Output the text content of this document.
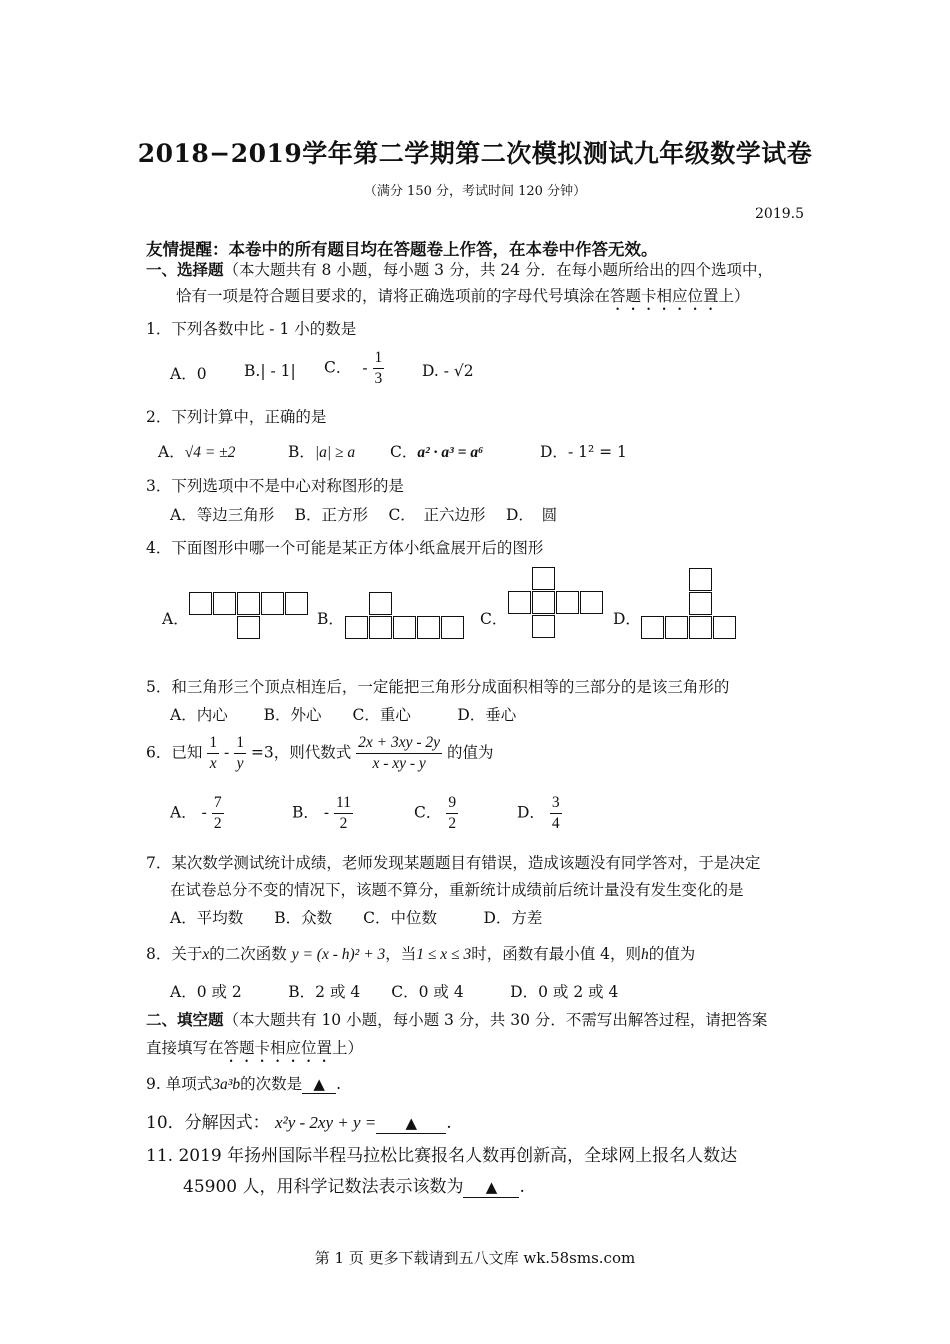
2018−2019学年第二学期第二次模拟测试九年级数学试卷
（满分 150 分，考试时间 120 分钟）
2019.5
友情提醒：本卷中的所有题目均在答题卷上作答，在本卷中作答无效。
一、选择题（本大题共有 8 小题，每小题 3 分，共 24 分．在每小题所给出的四个选项中，
恰有一项是符合题目要求的，请将正确选项前的字母代号填涂在答题卡相应位置上）
1．下列各数中比 - 1 小的数是
A．0 B.| - 1| C． - $\frac{1}{3} D$. - √2
2．下列计算中，正确的是
A．√4 = ±2	B．|a| ≥ a C．a² · a³ = a⁶	D．- 1² = 1
3．下列选项中不是中心对称图形的是
A．等边三角形　 B．正方形　 C．　正六边形　 D．　圆
4．下面图形中哪一个可能是某正方体小纸盒展开后的图形
A．	B．	C．	D．
5．和三角形三个顶点相连后，一定能把三角形分成面积相等的三部分的是该三角形的
A．内心　　 B．外心　　C．重心　　　D．垂心
6．已知 $\frac{1}{x} - \frac{1}{y} =3$，则代数式 $\frac{2x + 3xy - 2y}{x - xy - y}$ 的值为
A． - $\frac{7}{2}$	B． - $\frac{11}{2}$	C． $\frac{9}{2}$	D． $\frac{3}{4}$
7．某次数学测试统计成绩，老师发现某题题目有错误，造成该题没有同学答对，于是决定
在试卷总分不变的情况下，该题不算分，重新统计成绩前后统计量没有发生变化的是
A．平均数　　B．众数　　C．中位数　　　D．方差
8．关于x的二次函数 y = (x - h)² + 3，当1 ≤ x ≤ 3时，函数有最小值 4，则h的值为
A．0 或 2　　　B．2 或 4　　C．0 或 4　　　D．0 或 2 或 4
二、填空题（本大题共有 10 小题，每小题 3 分，共 30 分．不需写出解答过程，请把答案
直接填写在答题卡相应位置上）
9. 单项式3a³b的次数是 ▲ .
10．分解因式： x²y - 2xy + y = ▲ .
11. 2019 年扬州国际半程马拉松比赛报名人数再创新高，全球网上报名人数达
45900 人，用科学记数法表示该数为 ▲ .
第 1 页 更多下载请到五八文库 wk.58sms.com
